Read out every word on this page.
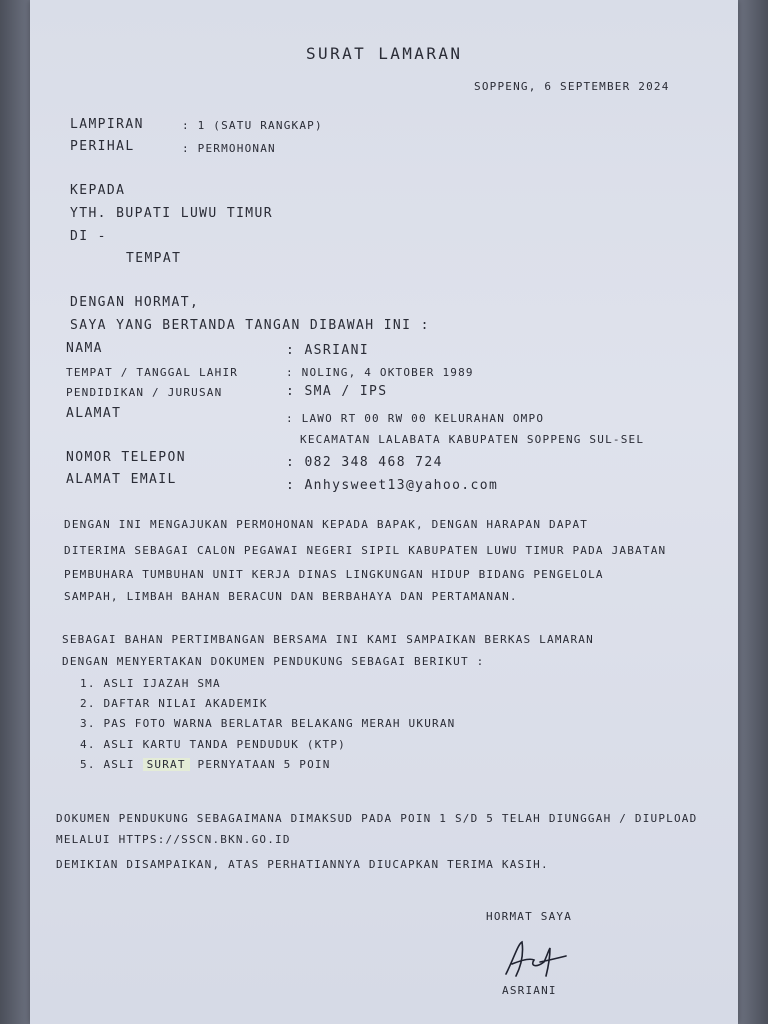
SURAT LAMARAN
SOPPENG, 6 SEPTEMBER 2024
LAMPIRAN	: 1 (SATU RANGKAP)
PERIHAL	: PERMOHONAN
KEPADA
YTH. BUPATI LUWU TIMUR
DI -
TEMPAT
DENGAN HORMAT,
SAYA YANG BERTANDA TANGAN DIBAWAH INI :
NAMA	: ASRIANI
TEMPAT / TANGGAL LAHIR	: NOLING, 4 OKTOBER 1989
PENDIDIKAN / JURUSAN	: SMA / IPS
ALAMAT	: LAWO RT 00 RW 00 KELURAHAN OMPO
KECAMATAN LALABATA KABUPATEN SOPPENG SUL-SEL
NOMOR TELEPON	: 082 348 468 724
ALAMAT EMAIL	: Anhysweet13@yahoo.com
DENGAN INI MENGAJUKAN PERMOHONAN KEPADA BAPAK, DENGAN HARAPAN DAPAT
DITERIMA SEBAGAI CALON PEGAWAI NEGERI SIPIL KABUPATEN LUWU TIMUR PADA JABATAN
PEMBUHARA TUMBUHAN UNIT KERJA DINAS LINGKUNGAN HIDUP BIDANG PENGELOLA
SAMPAH, LIMBAH BAHAN BERACUN DAN BERBAHAYA DAN PERTAMANAN.
SEBAGAI BAHAN PERTIMBANGAN BERSAMA INI KAMI SAMPAIKAN BERKAS LAMARAN
DENGAN MENYERTAKAN DOKUMEN PENDUKUNG SEBAGAI BERIKUT :
1. ASLI IJAZAH SMA
2. DAFTAR NILAI AKADEMIK
3. PAS FOTO WARNA BERLATAR BELAKANG MERAH UKURAN
4. ASLI KARTU TANDA PENDUDUK (KTP)
5. ASLI SURAT PERNYATAAN 5 POIN
DOKUMEN PENDUKUNG SEBAGAIMANA DIMAKSUD PADA POIN 1 S/D 5 TELAH DIUNGGAH / DIUPLOAD
MELALUI HTTPS://SSCN.BKN.GO.ID
DEMIKIAN DISAMPAIKAN, ATAS PERHATIANNYA DIUCAPKAN TERIMA KASIH.
HORMAT SAYA
ASRIANI
